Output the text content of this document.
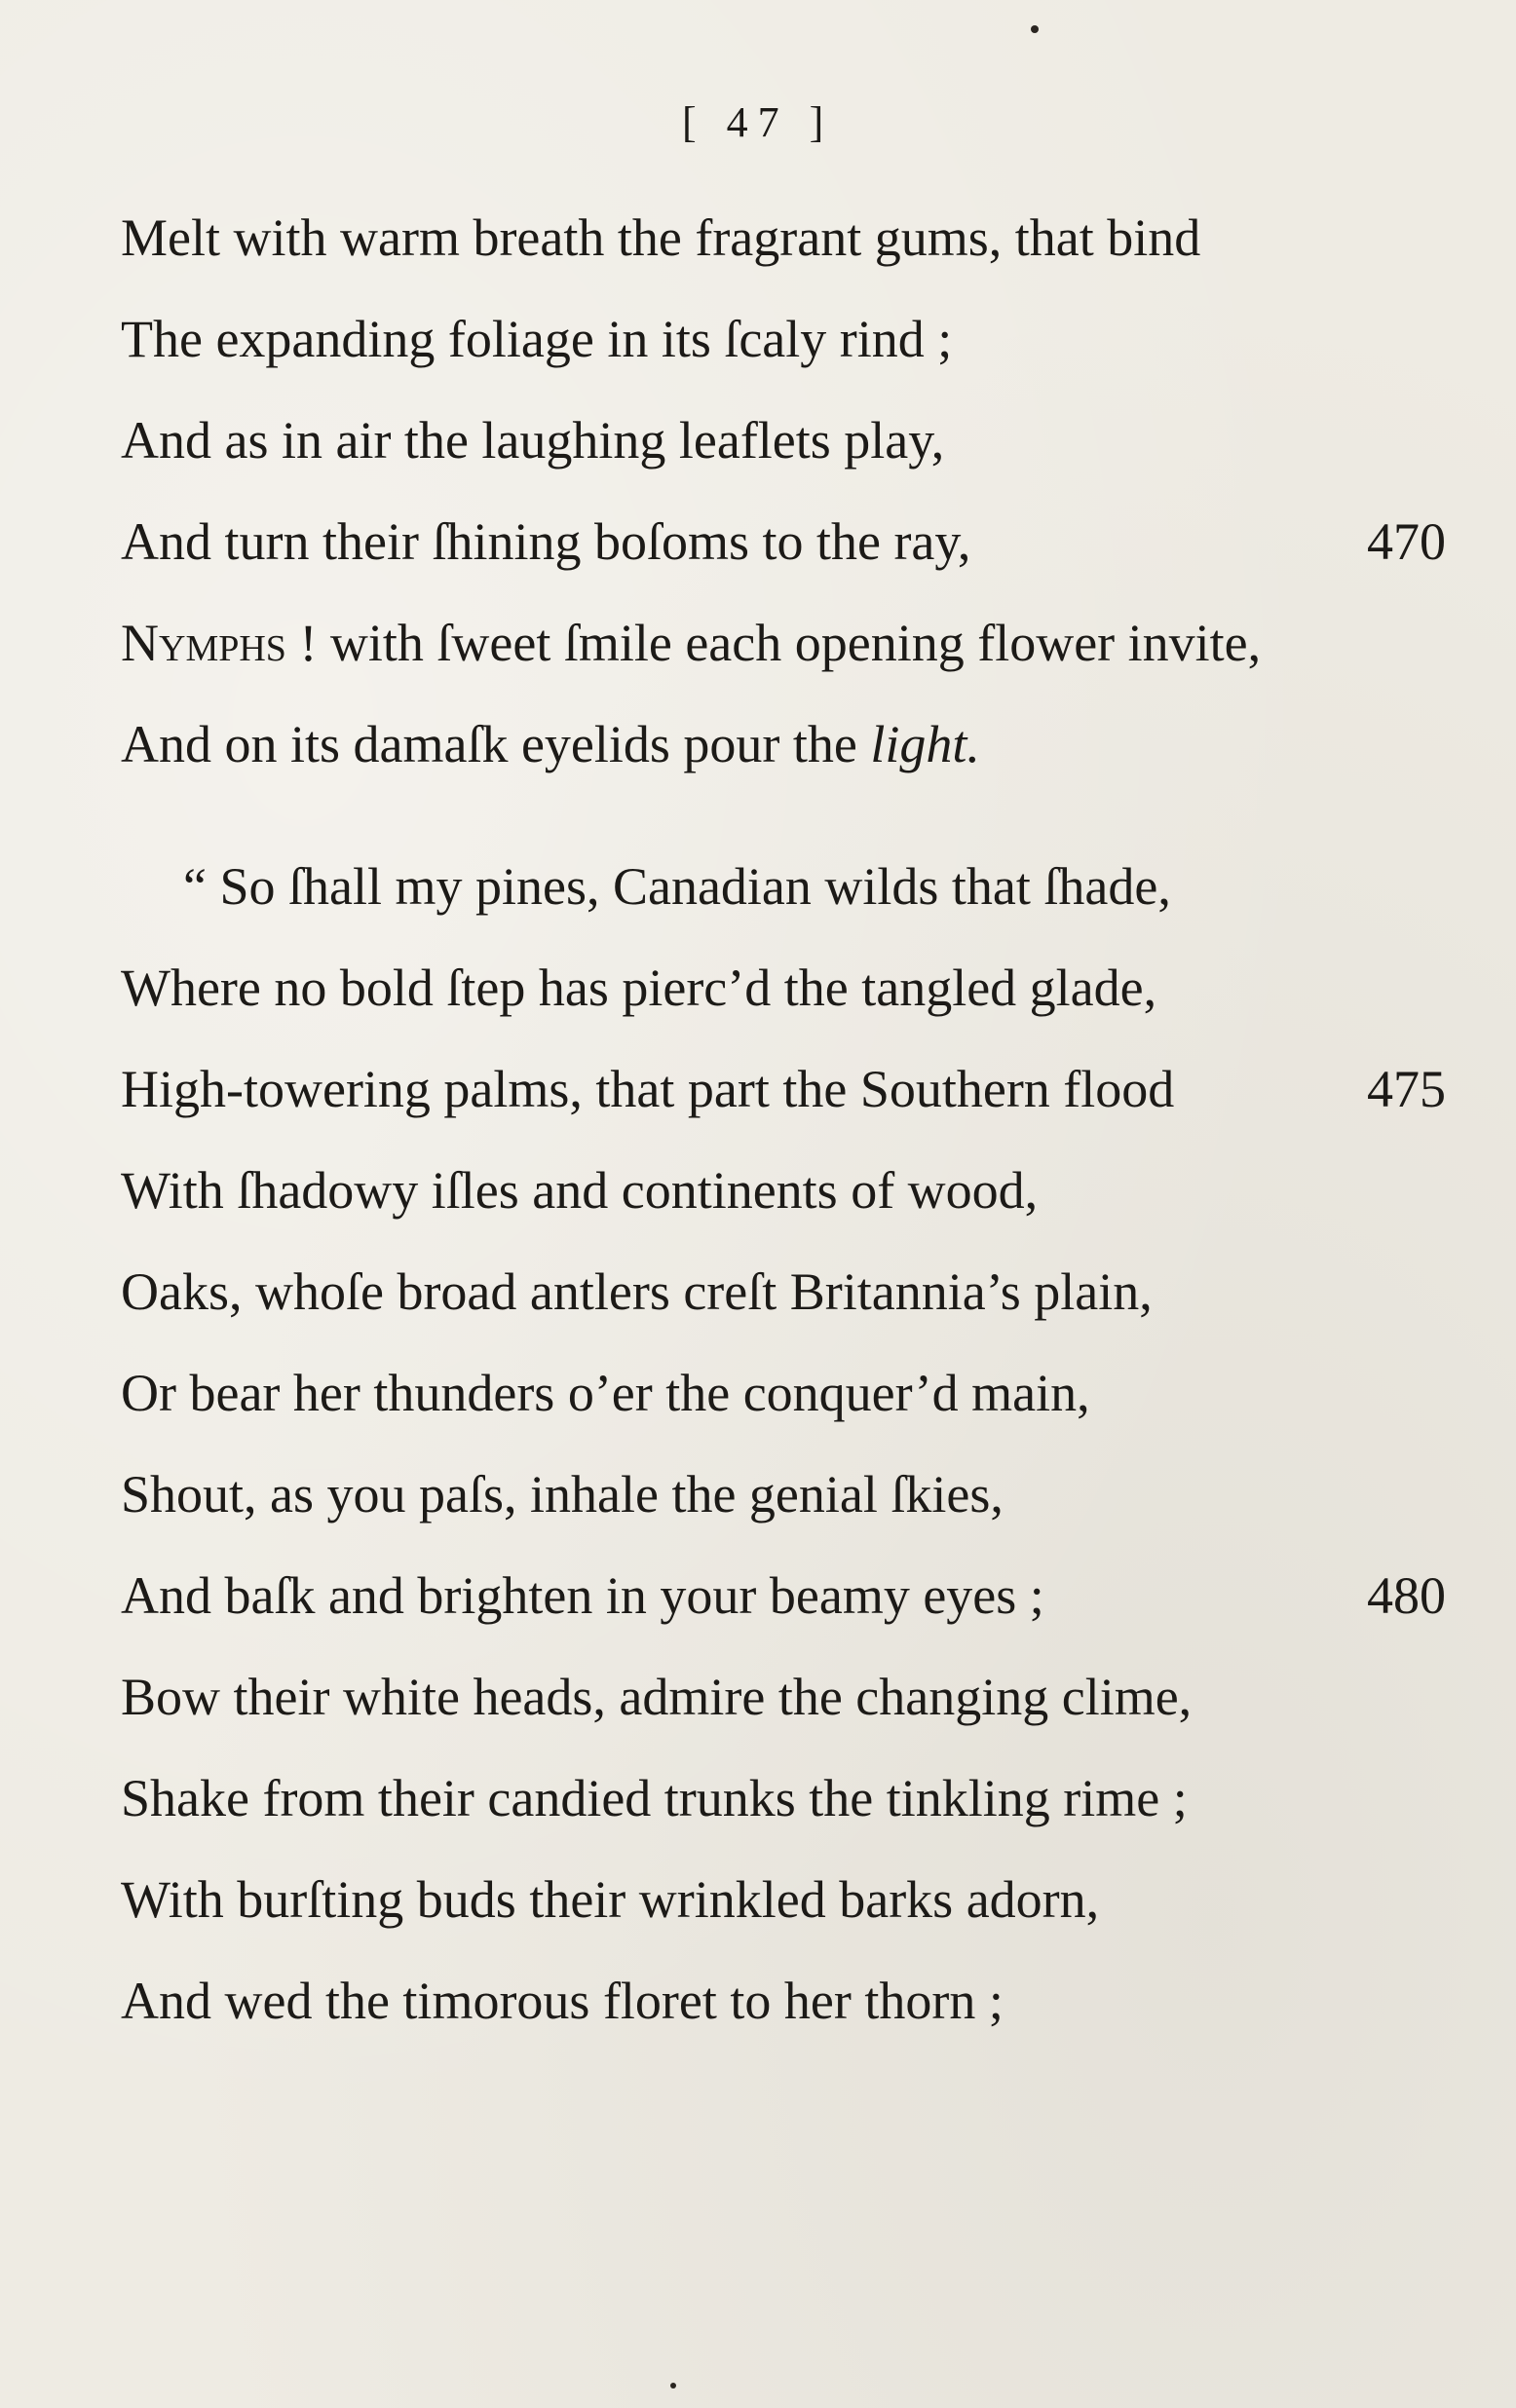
[ 47 ]
Melt with warm breath the fragrant gums, that bind
The expanding foliage in its ſcaly rind ;
And as in air the laughing leaflets play,
And turn their ſhining boſoms to the ray,	470
Nymphs ! with ſweet ſmile each opening flower invite,
And on its damaſk eyelids pour the light.
“ So ſhall my pines, Canadian wilds that ſhade,
Where no bold ſtep has pierc’d the tangled glade,
High-towering palms, that part the Southern flood	475
With ſhadowy iſles and continents of wood,
Oaks, whoſe broad antlers creſt Britannia’s plain,
Or bear her thunders o’er the conquer’d main,
Shout, as you paſs, inhale the genial ſkies,
And baſk and brighten in your beamy eyes ;	480
Bow their white heads, admire the changing clime,
Shake from their candied trunks the tinkling rime ;
With burſting buds their wrinkled barks adorn,
And wed the timorous floret to her thorn ;
